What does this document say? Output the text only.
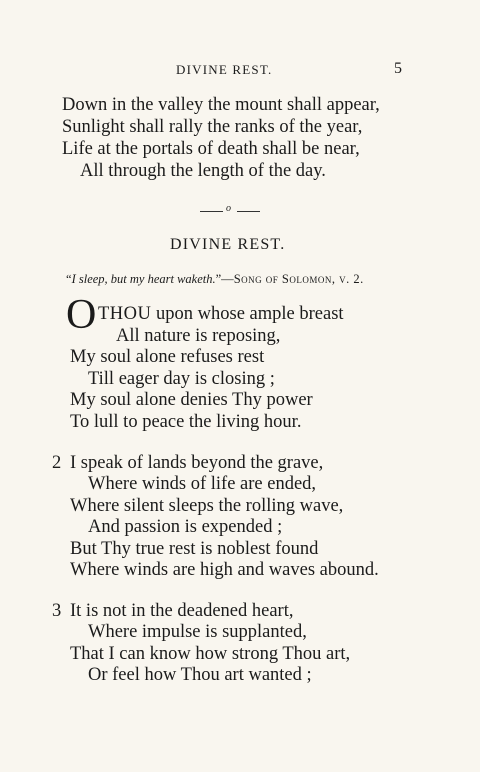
DIVINE REST.	5
Down in the valley the mount shall appear,
Sunlight shall rally the ranks of the year,
Life at the portals of death shall be near,
All through the length of the day.
o
DIVINE REST.
“I sleep, but my heart waketh.”—Song of Solomon, v. 2.
O THOU upon whose ample breast
All nature is reposing,
My soul alone refuses rest
Till eager day is closing ;
My soul alone denies Thy power
To lull to peace the living hour.
2 I speak of lands beyond the grave,
Where winds of life are ended,
Where silent sleeps the rolling wave,
And passion is expended ;
But Thy true rest is noblest found
Where winds are high and waves abound.
3 It is not in the deadened heart,
Where impulse is supplanted,
That I can know how strong Thou art,
Or feel how Thou art wanted ;
